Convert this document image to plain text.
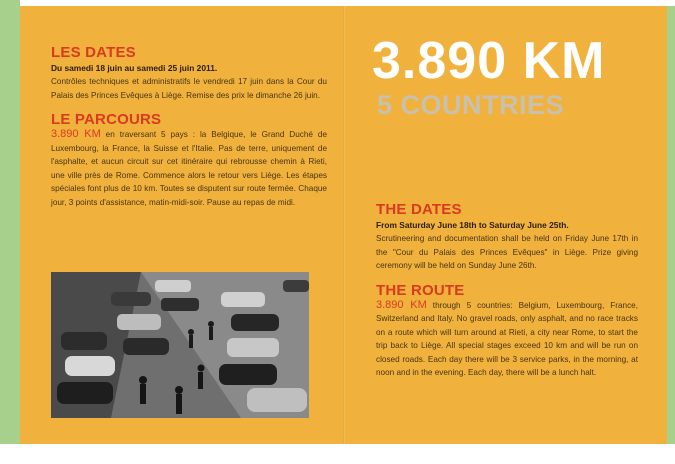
LES DATES
Du samedi 18 juin au samedi 25 juin 2011.

Contrôles techniques et administratifs le vendredi 17 juin dans la Cour du Palais des Princes Evêques à Liège. Remise des prix le dimanche 26 juin.

LE PARCOURS

3.890 KM en traversant 5 pays : la Belgique, le Grand Duché de Luxembourg, la France, la Suisse et l'Italie. Pas de terre, uniquement de l'asphalte, et aucun circuit sur cet itinéraire qui rebrousse chemin à Rieti, une ville près de Rome. Commence alors le retour vers Liège. Les étapes spéciales font plus de 10 km. Toutes se disputent sur route fermée. Chaque jour, 3 points d'assistance, matin-midi-soir. Pause au repas de midi.

3.890 KM
5 COUNTRIES
THE DATES
From Saturday June 18th to Saturday June 25th.

Scrutineering and documentation shall be held on Friday June 17th in the "Cour du Palais des Princes Evêques" in Liège. Prize giving ceremony will be held on Sunday June 26th.

THE ROUTE

3.890 KM through 5 countries: Belgium, Luxembourg, France, Switzerland and Italy. No gravel roads, only asphalt, and no race tracks on a route which will turn around at Rieti, a city near Rome, to start the trip back to Liège. All special stages exceed 10 km and will be run on closed roads. Each day there will be 3 service parks, in the morning, at noon and in the evening. Each day, there will be a lunch halt.
